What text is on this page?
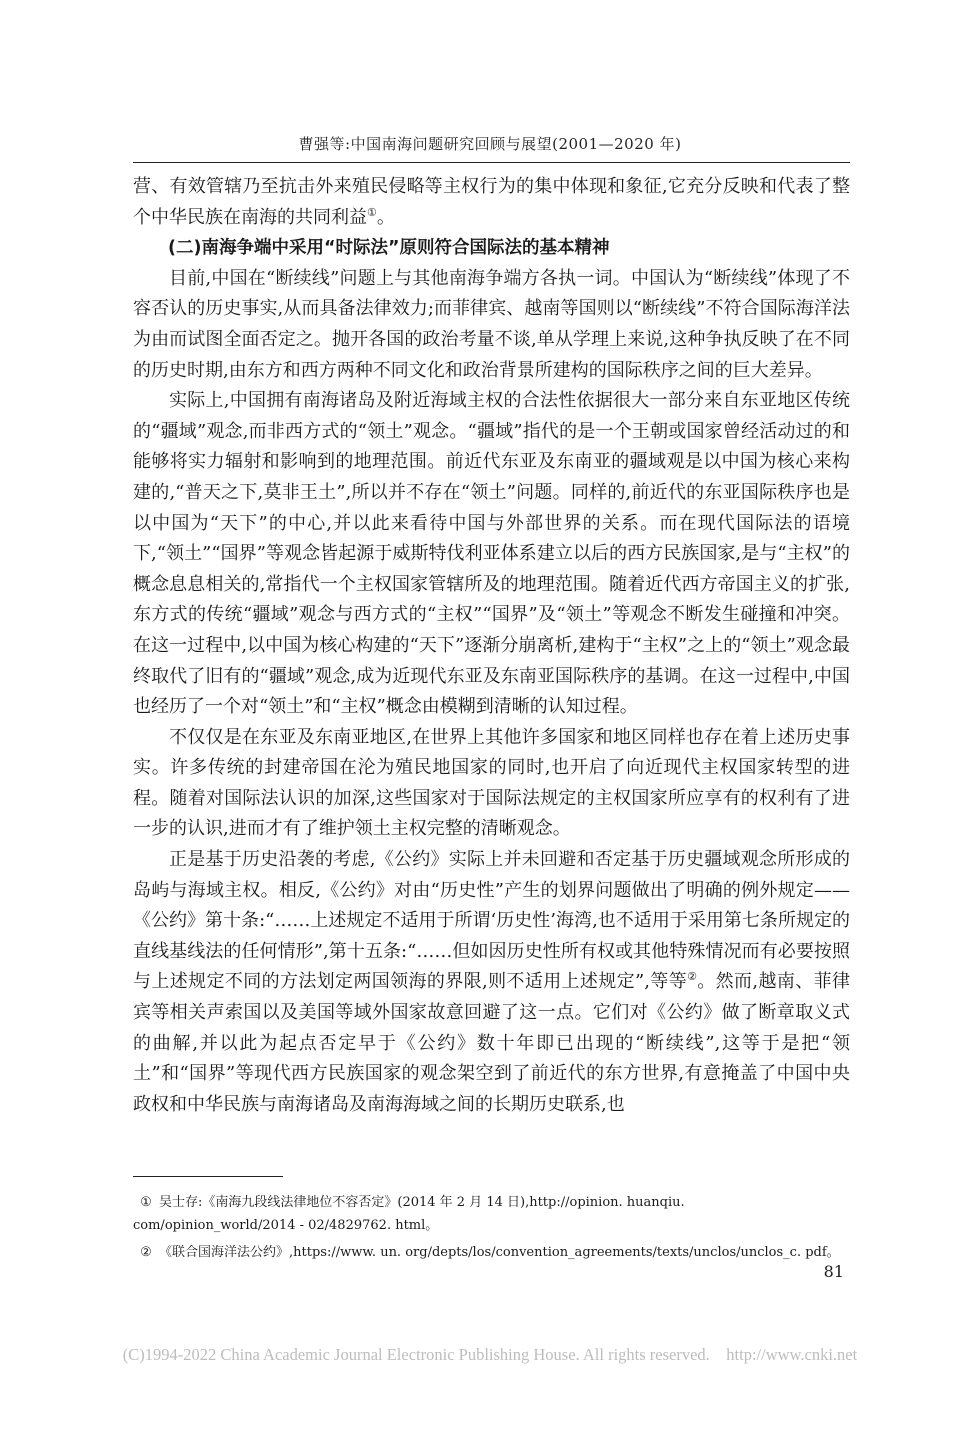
曹强等:中国南海问题研究回顾与展望(2001—2020 年)

营、有效管辖乃至抗击外来殖民侵略等主权行为的集中体现和象征,它充分反映和代表了整个中华民族在南海的共同利益①。

(二)南海争端中采用“时际法”原则符合国际法的基本精神

目前,中国在“断续线”问题上与其他南海争端方各执一词。中国认为“断续线”体现了不容否认的历史事实,从而具备法律效力;而菲律宾、越南等国则以“断续线”不符合国际海洋法为由而试图全面否定之。抛开各国的政治考量不谈,单从学理上来说,这种争执反映了在不同的历史时期,由东方和西方两种不同文化和政治背景所建构的国际秩序之间的巨大差异。

实际上,中国拥有南海诸岛及附近海域主权的合法性依据很大一部分来自东亚地区传统的“疆域”观念,而非西方式的“领土”观念。“疆域”指代的是一个王朝或国家曾经活动过的和能够将实力辐射和影响到的地理范围。前近代东亚及东南亚的疆域观是以中国为核心来构建的,“普天之下,莫非王土”,所以并不存在“领土”问题。同样的,前近代的东亚国际秩序也是以中国为“天下”的中心,并以此来看待中国与外部世界的关系。而在现代国际法的语境下,“领土”“国界”等观念皆起源于威斯特伐利亚体系建立以后的西方民族国家,是与“主权”的概念息息相关的,常指代一个主权国家管辖所及的地理范围。随着近代西方帝国主义的扩张,东方式的传统“疆域”观念与西方式的“主权”“国界”及“领土”等观念不断发生碰撞和冲突。在这一过程中,以中国为核心构建的“天下”逐渐分崩离析,建构于“主权”之上的“领土”观念最终取代了旧有的“疆域”观念,成为近现代东亚及东南亚国际秩序的基调。在这一过程中,中国也经历了一个对“领土”和“主权”概念由模糊到清晰的认知过程。

不仅仅是在东亚及东南亚地区,在世界上其他许多国家和地区同样也存在着上述历史事实。许多传统的封建帝国在沦为殖民地国家的同时,也开启了向近现代主权国家转型的进程。随着对国际法认识的加深,这些国家对于国际法规定的主权国家所应享有的权利有了进一步的认识,进而才有了维护领土主权完整的清晰观念。

正是基于历史沿袭的考虑,《公约》实际上并未回避和否定基于历史疆域观念所形成的岛屿与海域主权。相反,《公约》对由“历史性”产生的划界问题做出了明确的例外规定——《公约》第十条:“……上述规定不适用于所谓‘历史性’海湾,也不适用于采用第七条所规定的直线基线法的任何情形”,第十五条:“……但如因历史性所有权或其他特殊情况而有必要按照与上述规定不同的方法划定两国领海的界限,则不适用上述规定”,等等②。然而,越南、菲律宾等相关声索国以及美国等域外国家故意回避了这一点。它们对《公约》做了断章取义式的曲解,并以此为起点否定早于《公约》数十年即已出现的“断续线”,这等于是把“领土”和“国界”等现代西方民族国家的观念架空到了前近代的东方世界,有意掩盖了中国中央政权和中华民族与南海诸岛及南海海域之间的长期历史联系,也

① 吴士存:《南海九段线法律地位不容否定》(2014 年 2 月 14 日),http://opinion. huanqiu. com/opinion_world/2014 - 02/4829762. html。
② 《联合国海洋法公约》,https://www. un. org/depts/los/convention_agreements/texts/unclos/unclos_c. pdf。
81
(C)1994-2022 China Academic Journal Electronic Publishing House. All rights reserved.    http://www.cnki.net
